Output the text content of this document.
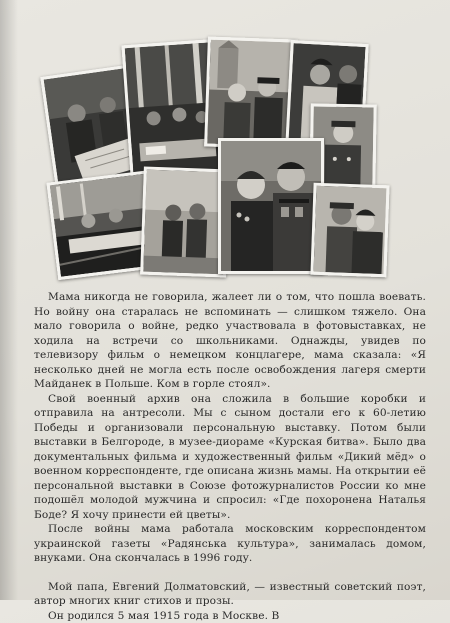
Мама никогда не говорила, жалеет ли о том, что пошла воевать. Но войну она старалась не вспоминать — слишком тяжело. Она мало говорила о войне, редко участвовала в фотовыставках, не ходила на встречи со школьниками. Однажды, увидев по телевизору фильм о немецком концлагере, мама сказала: «Я несколько дней не могла есть после освобождения лагеря смерти Майданек в Польше. Ком в горле стоял».

Свой военный архив она сложила в большие коробки и отправила на антресоли. Мы с сыном достали его к 60-летию Победы и организовали персональную выставку. Потом были выставки в Белгороде, в музее-диораме «Курская битва». Было два документальных фильма и художественный фильм «Дикий мёд» о военном корреспонденте, где описана жизнь мамы. На открытии её персональной выставки в Союзе фотожурналистов России ко мне подошёл молодой мужчина и спросил: «Где похоронена Наталья Боде? Я хочу принести ей цветы».

После войны мама работала московским корреспондентом украинской газеты «Радянська культура», занималась домом, внуками. Она скончалась в 1996 году.

Мой папа, Евгений Долматовский, — известный советский поэт, автор многих книг стихов и прозы.

Он родился 5 мая 1915 года в Москве. В
